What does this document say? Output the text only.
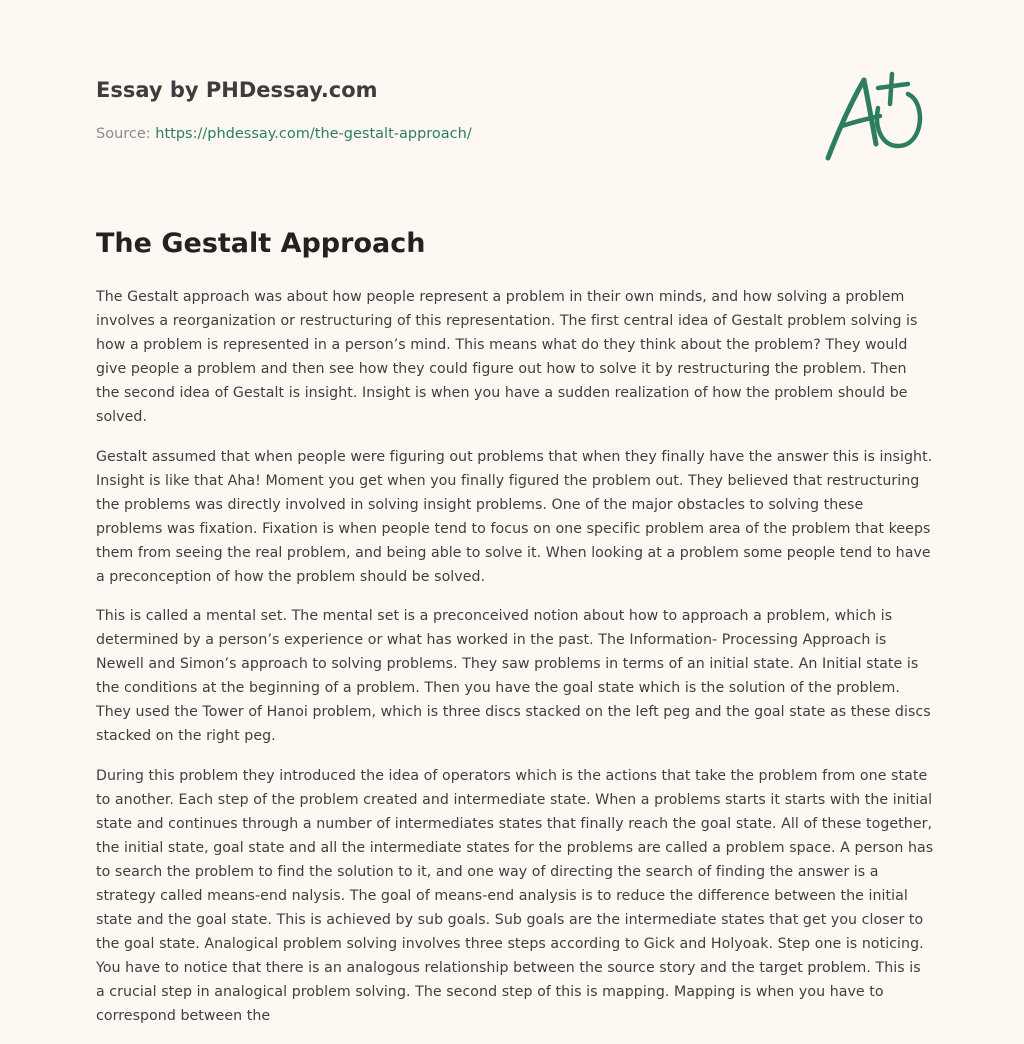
Essay by PHDessay.com
Source: https://phdessay.com/the-gestalt-approach/
The Gestalt Approach

The Gestalt approach was about how people represent a problem in their own minds, and how solving a problem involves a reorganization or restructuring of this representation. The first central idea of Gestalt problem solving is how a problem is represented in a person’s mind. This means what do they think about the problem? They would give people a problem and then see how they could figure out how to solve it by restructuring the problem. Then the second idea of Gestalt is insight. Insight is when you have a sudden realization of how the problem should be solved.

Gestalt assumed that when people were figuring out problems that when they finally have the answer this is insight. Insight is like that Aha! Moment you get when you finally figured the problem out. They believed that restructuring the problems was directly involved in solving insight problems. One of the major obstacles to solving these problems was fixation. Fixation is when people tend to focus on one specific problem area of the problem that keeps them from seeing the real problem, and being able to solve it. When looking at a problem some people tend to have a preconception of how the problem should be solved.

This is called a mental set. The mental set is a preconceived notion about how to approach a problem, which is determined by a person’s experience or what has worked in the past. The Information- Processing Approach is Newell and Simon’s approach to solving problems. They saw problems in terms of an initial state. An Initial state is the conditions at the beginning of a problem. Then you have the goal state which is the solution of the problem. They used the Tower of Hanoi problem, which is three discs stacked on the left peg and the goal state as these discs stacked on the right peg.

During this problem they introduced the idea of operators which is the actions that take the problem from one state to another. Each step of the problem created and intermediate state. When a problems starts it starts with the initial state and continues through a number of intermediates states that finally reach the goal state. All of these together, the initial state, goal state and all the intermediate states for the problems are called a problem space. A person has to search the problem to find the solution to it, and one way of directing the search of finding the answer is a strategy called means-end nalysis. The goal of means-end analysis is to reduce the difference between the initial state and the goal state. This is achieved by sub goals. Sub goals are the intermediate states that get you closer to the goal state. Analogical problem solving involves three steps according to Gick and Holyoak. Step one is noticing. You have to notice that there is an analogous relationship between the source story and the target problem. This is a crucial step in analogical problem solving. The second step of this is mapping. Mapping is when you have to correspond between the
